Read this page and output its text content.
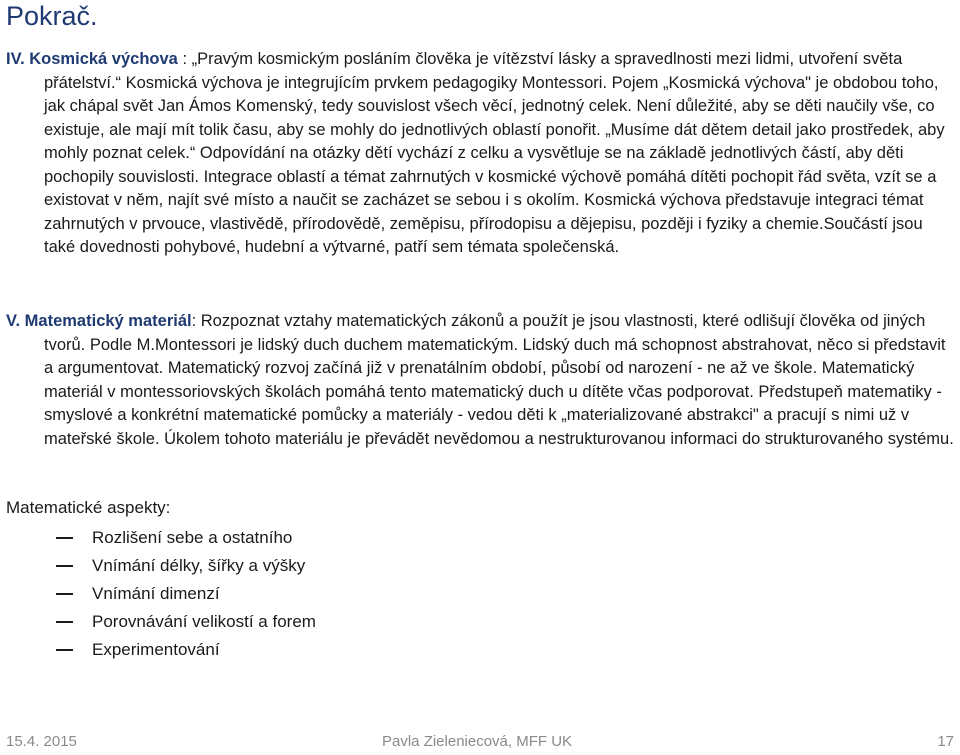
Pokrač.
IV. Kosmická výchova : „Pravým kosmickým posláním člověka je vítězství lásky a spravedlnosti mezi lidmi, utvoření světa přátelství.“ Kosmická výchova je integrujícím prvkem pedagogiky Montessori. Pojem „Kosmická výchova" je obdobou toho, jak chápal svět Jan Ámos Komenský, tedy souvislost všech věcí, jednotný celek. Není důležité, aby se děti naučily vše, co existuje, ale mají mít tolik času, aby se mohly do jednotlivých oblastí ponořit. „Musíme dát dětem detail jako prostředek, aby mohly poznat celek.“ Odpovídání na otázky dětí vychází z celku a vysvětluje se na základě jednotlivých částí, aby děti pochopily souvislosti. Integrace oblastí a témat zahrnutých v kosmické výchově pomáhá dítěti pochopit řád světa, vzít se a existovat v něm, najít své místo a naučit se zacházet se sebou i s okolím. Kosmická výchova představuje integraci témat zahrnutých v prvouce, vlastivědě, přírodovědě, zeměpisu, přírodopisu a dějepisu, později i fyziky a chemie.Součástí jsou také dovednosti pohybové, hudební a výtvarné, patří sem témata společenská.
V. Matematický materiál: Rozpoznat vztahy matematických zákonů a použít je jsou vlastnosti, které odlišují člověka od jiných tvorů. Podle M.Montessori je lidský duch duchem matematickým. Lidský duch má schopnost abstrahovat, něco si představit a argumentovat. Matematický rozvoj začíná již v prenatálním období, působí od narození - ne až ve škole. Matematický materiál v montessoriovských školách pomáhá tento matematický duch u dítěte včas podporovat. Předstupeň matematiky - smyslové a konkrétní matematické pomůcky a materiály - vedou děti k „materializované abstrakci" a pracují s nimi už v mateřské škole. Úkolem tohoto materiálu je převádět nevědomou a nestrukturovanou informaci do strukturovaného systému.
Matematické aspekty:
Rozlišení sebe a ostatního
Vnímání délky, šířky a výšky
Vnímání dimenzí
Porovnávání velikostí a forem
Experimentování
15.4. 2015	Pavla Zieleniecová, MFF UK	17
